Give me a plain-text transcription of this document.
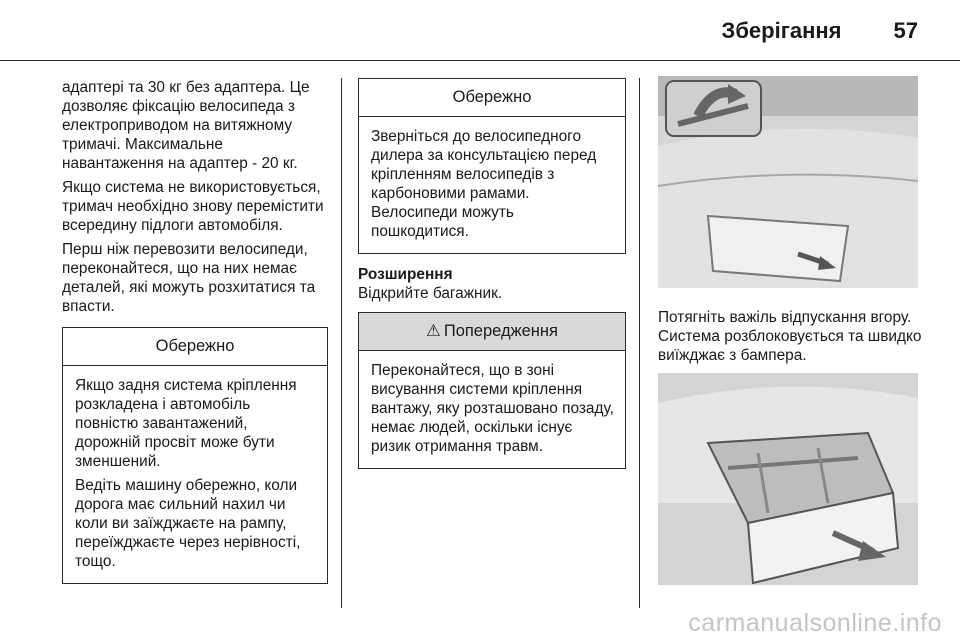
Зберігання 57

адаптері та 30 кг без адаптера. Це дозволяє фіксацію велосипеда з електроприводом на витяжному тримачі. Максимальне навантаження на адаптер - 20 кг.

Якщо система не використовується, тримач необхідно знову перемістити всередину підлоги автомобіля.

Перш ніж перевозити велосипеди, переконайтеся, що на них немає деталей, які можуть розхитатися та впасти.

Обережно

Якщо задня система кріплення розкладена і автомобіль повністю завантажений, дорожній просвіт може бути зменшений.

Ведіть машину обережно, коли дорога має сильний нахил чи коли ви заїжджаєте на рампу, переїжджаєте через нерівності, тощо.

Обережно

Зверніться до велосипедного дилера за консультацією перед кріпленням велосипедів з карбоновими рамами. Велосипеди можуть пошкодитися.

Розширення

Відкрийте багажник.

⚠ Попередження

Переконайтеся, що в зоні висування системи кріплення вантажу, яку розташовано позаду, немає людей, оскільки існує ризик отримання травм.

Потягніть важіль відпускання вгору. Система розблоковується та швидко виїжджає з бампера.

carmanualsonline.info
